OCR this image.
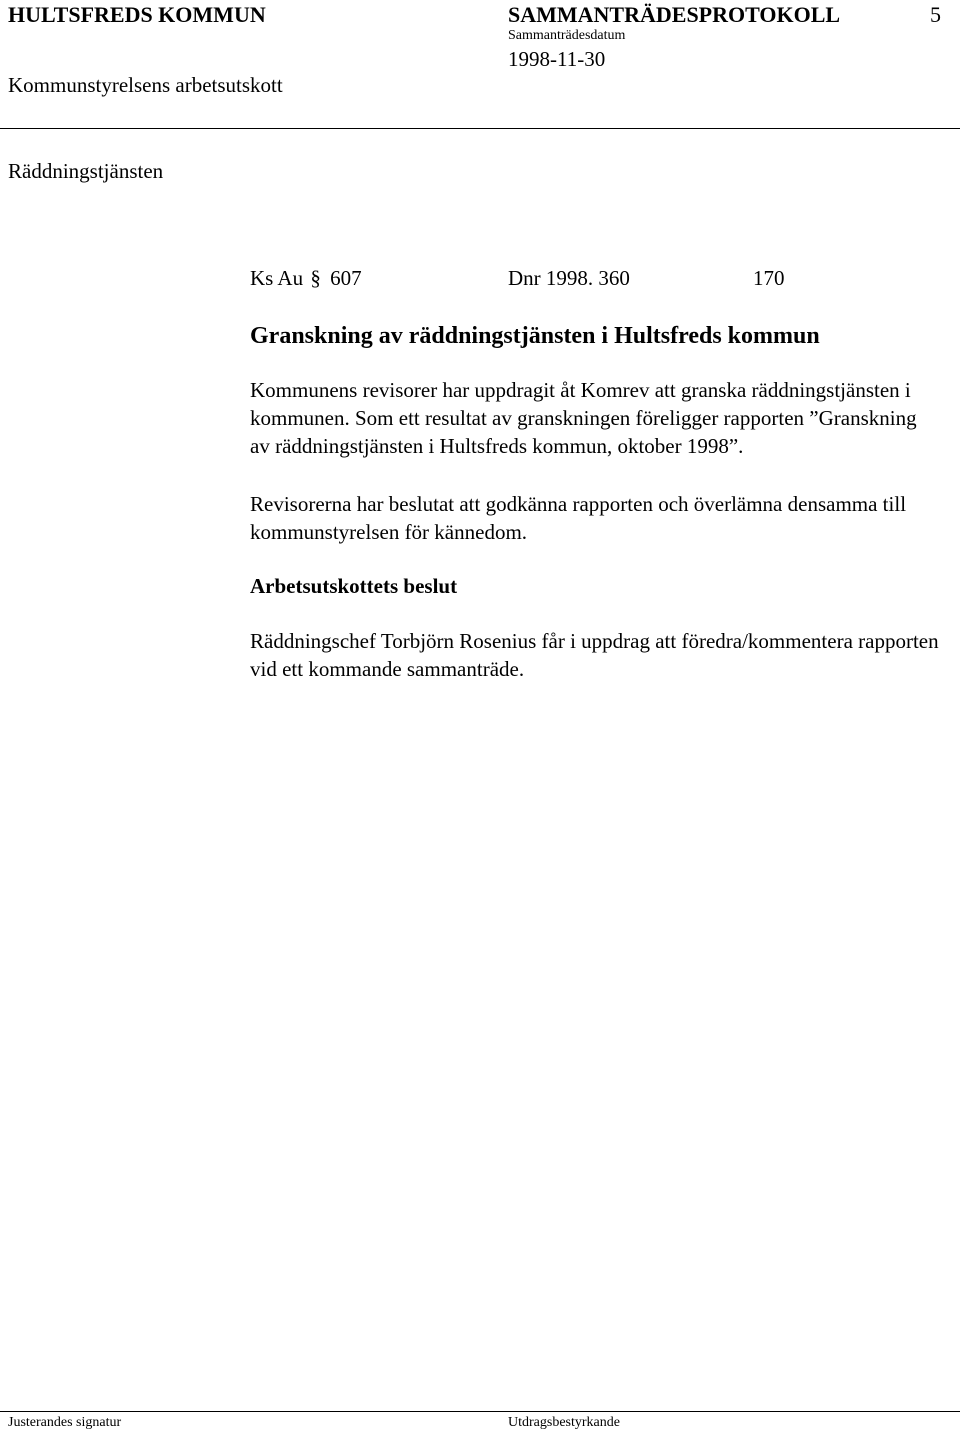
HULTSFREDS KOMMUN	SAMMANTRÄDESPROTOKOLL	5
Sammanträdesdatum
1998-11-30
Kommunstyrelsens arbetsutskott
Räddningstjänsten
Ks Au § 607	Dnr 1998. 360	170
Granskning av räddningstjänsten i Hultsfreds kommun
Kommunens revisorer har uppdragit åt Komrev att granska räddningstjänsten i kommunen. Som ett resultat av granskningen föreligger rapporten ”Granskning av räddningstjänsten i Hultsfreds kommun, oktober 1998”.
Revisorerna har beslutat att godkänna rapporten och överlämna densamma till kommunstyrelsen för kännedom.
Arbetsutskottets beslut
Räddningschef Torbjörn Rosenius får i uppdrag att föredra/kommentera rapporten vid ett kommande sammanträde.
Justerandes signatur	Utdragsbestyrkande
